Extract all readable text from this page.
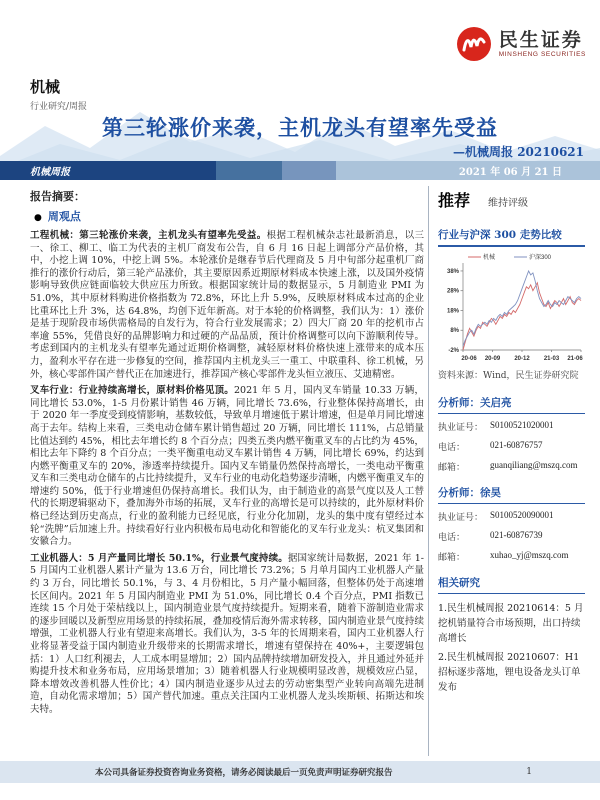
民生证券
MINSHENG SECURITIES
机械
行业研究/周报
第三轮涨价来袭，主机龙头有望率先受益
—机械周报 20210621
机械周报	2021 年 06 月 21 日
报告摘要：
● 周观点

工程机械：第三轮涨价来袭，主机龙头有望率先受益。根据工程机械杂志社最新消息，以三一、徐工、柳工、临工为代表的主机厂商发布公告，自 6 月 16 日起上调部分产品价格，其中，小挖上调 10%，中挖上调 5%。本轮涨价是继春节后代理商及 5 月中旬部分起重机厂商推行的涨价行动后，第三轮产品涨价，其主要原因系近期原材料成本快速上涨，以及国外疫情影响导致供应链面临较大供应压力所致。根据国家统计局的数据显示，5 月制造业 PMI 为 51.0%，其中原材料购进价格指数为 72.8%，环比上升 5.9%，反映原材料成本过高的企业比重环比上升 3%，达 64.8%，均创下近年新高。对于本轮的价格调整，我们认为：1）涨价是基于现阶段市场供需格局的自发行为，符合行业发展需求；2）四大厂商 20 年的挖机市占率逾 55%，凭借良好的品牌影响力和过硬的产品品质，预计价格调整可以向下游顺利传导。考虑到国内的主机龙头有望率先通过近期价格调整，减轻原材料价格快速上涨带来的成本压力，盈利水平存在进一步修复的空间，推荐国内主机龙头三一重工、中联重科、徐工机械，另外，核心零部件国产替代正在加速进行，推荐国产核心零部件龙头恒立液压、艾迪精密。

叉车行业：行业持续高增长，原材料价格见顶。2021 年 5 月，国内叉车销量 10.33 万辆，同比增长 53.0%，1-5 月份累计销售 46 万辆，同比增长 73.6%，行业整体保持高增长，由于 2020 年一季度受到疫情影响，基数较低，导致单月增速低于累计增速，但是单月同比增速高于去年。结构上来看，三类电动仓储车累计销售超过 20 万辆，同比增长 111%，占总销量比值达到约 45%，相比去年增长约 8 个百分点；四类五类内燃平衡重叉车的占比约为 45%，相比去年下降约 8 个百分点；一类平衡重电动叉车累计销售 4 万辆，同比增长 69%，约达到内燃平衡重叉车的 20%，渗透率持续提升。国内叉车销量仍然保持高增长，一类电动平衡重叉车和三类电动仓储车的占比持续提升，叉车行业的电动化趋势逐步清晰，内燃平衡重叉车的增速约 50%，低于行业增速但仍保持高增长。我们认为，由于制造业的高景气度以及人工替代的长期逻辑驱动下，叠加海外市场的拓展，叉车行业的高增长是可以持续的，此外原材料价格已经达到历史高点，行业的盈利能力已经见底，行业分化加剧，龙头的集中度有望经过本轮“洗牌”后加速上升。持续看好行业内积极布局电动化和智能化的叉车行业龙头：杭叉集团和安徽合力。

工业机器人：5 月产量同比增长 50.1%，行业景气度持续。据国家统计局数据，2021 年 1-5 月国内工业机器人累计产量为 13.6 万台，同比增长 73.2%；5 月单月国内工业机器人产量约 3 万台，同比增长 50.1%，与 3、4 月份相比，5 月产量小幅回落，但整体仍处于高速增长区间内。2021 年 5 月国内制造业 PMI 为 51.0%，同比增长 0.4 个百分点，PMI 指数已连续 15 个月处于荣枯线以上，国内制造业景气度持续提升。短期来看，随着下游制造业需求的逐步回暖以及新型应用场景的持续拓展，叠加疫情后海外需求转移，国内制造业景气度持续增强，工业机器人行业有望迎来高增长。我们认为，3-5 年的长周期来看，国内工业机器人行业将显著受益于国内制造业升级带来的长期需求增长，增速有望保持在 40%+，主要逻辑包括：1）人口红利褪去，人工成本明显增加；2）国内品牌持续增加研发投入，并且通过外延并购提升技术和业务布局，应用场景增加；3）随着机器人行业规模明显改善，规模效应凸显，降本增效改善机器人性价比；4）国内制造业逐步从过去的劳动密集型产业转向高端先进制造，自动化需求增加；5）国产替代加速。重点关注国内工业机器人龙头埃斯顿、拓斯达和埃夫特。

推荐 维持评级
行业与沪深 300 走势比较
38%
28%
18%
8%
-2%
20-06 20-09 20-12 21-03 21-06
机械	沪深300
资料来源：Wind，民生证券研究院
分析师：关启亮
执业证号： S0100521020001
电话：	021-60876757
邮箱：	guanqiliang@mszq.com
分析师：徐昊
执业证号： S0100520090001
电话：	021-60876739
邮箱：	xuhao_yj@mszq.com
相关研究
1.民生机械周报 20210614：5 月挖机销量符合市场预期，出口持续高增长
2.民生机械周报 20210607：H1 招标逐步落地，锂电设备龙头订单发布
本公司具备证券投资咨询业务资格，请务必阅读最后一页免责声明证券研究报告	1
